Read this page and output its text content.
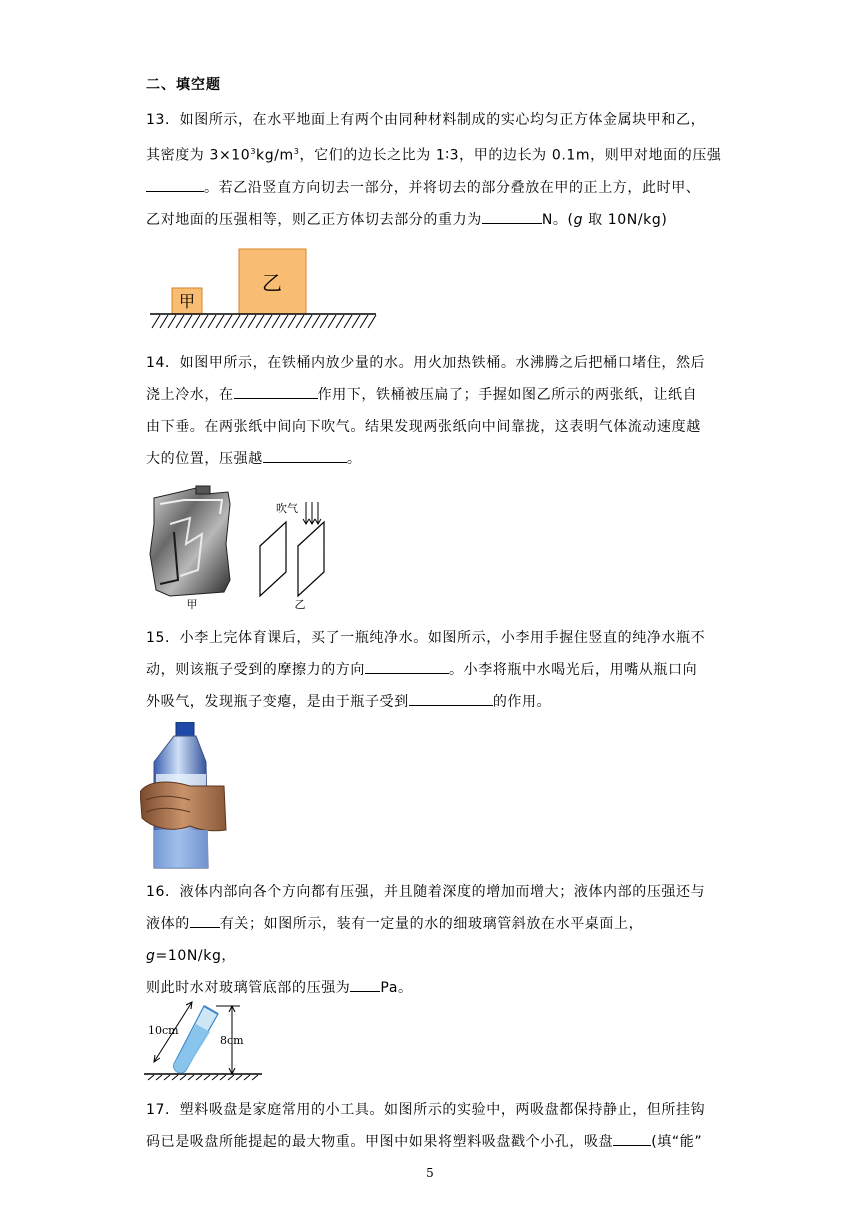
二、填空题

13．如图所示，在水平地面上有两个由同种材料制成的实心均匀正方体金属块甲和乙，

其密度为 $3\times 10^3kg/m^3$，它们的边长之比为 1∶3，甲的边长为 0.1m，则甲对地面的压强

。若乙沿竖直方向切去一部分，并将切去的部分叠放在甲的正上方，此时甲、

乙对地面的压强相等，则乙正方体切去部分的重力为	N。(g 取 10N/kg)

甲
乙

14．如图甲所示，在铁桶内放少量的水。用火加热铁桶。水沸腾之后把桶口堵住，然后

浇上冷水，在	作用下，铁桶被压扁了；手握如图乙所示的两张纸，让纸自

由下垂。在两张纸中间向下吹气。结果发现两张纸向中间靠拢，这表明气体流动速度越

大的位置，压强越	。

甲
吹气
乙

15．小李上完体育课后，买了一瓶纯净水。如图所示，小李用手握住竖直的纯净水瓶不

动，则该瓶子受到的摩擦力的方向	。小李将瓶中水喝光后，用嘴从瓶口向

外吸气，发现瓶子变瘪，是由于瓶子受到	的作用。

16．液体内部向各个方向都有压强，并且随着深度的增加而增大；液体内部的压强还与

液体的 有关；如图所示，装有一定量的水的细玻璃管斜放在水平桌面上，g=10N/kg，

则此时水对玻璃管底部的压强为 Pa。

10cm
8cm

17．塑料吸盘是家庭常用的小工具。如图所示的实验中，两吸盘都保持静止，但所挂钩

码已是吸盘所能提起的最大物重。甲图中如果将塑料吸盘戳个小孔，吸盘	(填“能”

5
